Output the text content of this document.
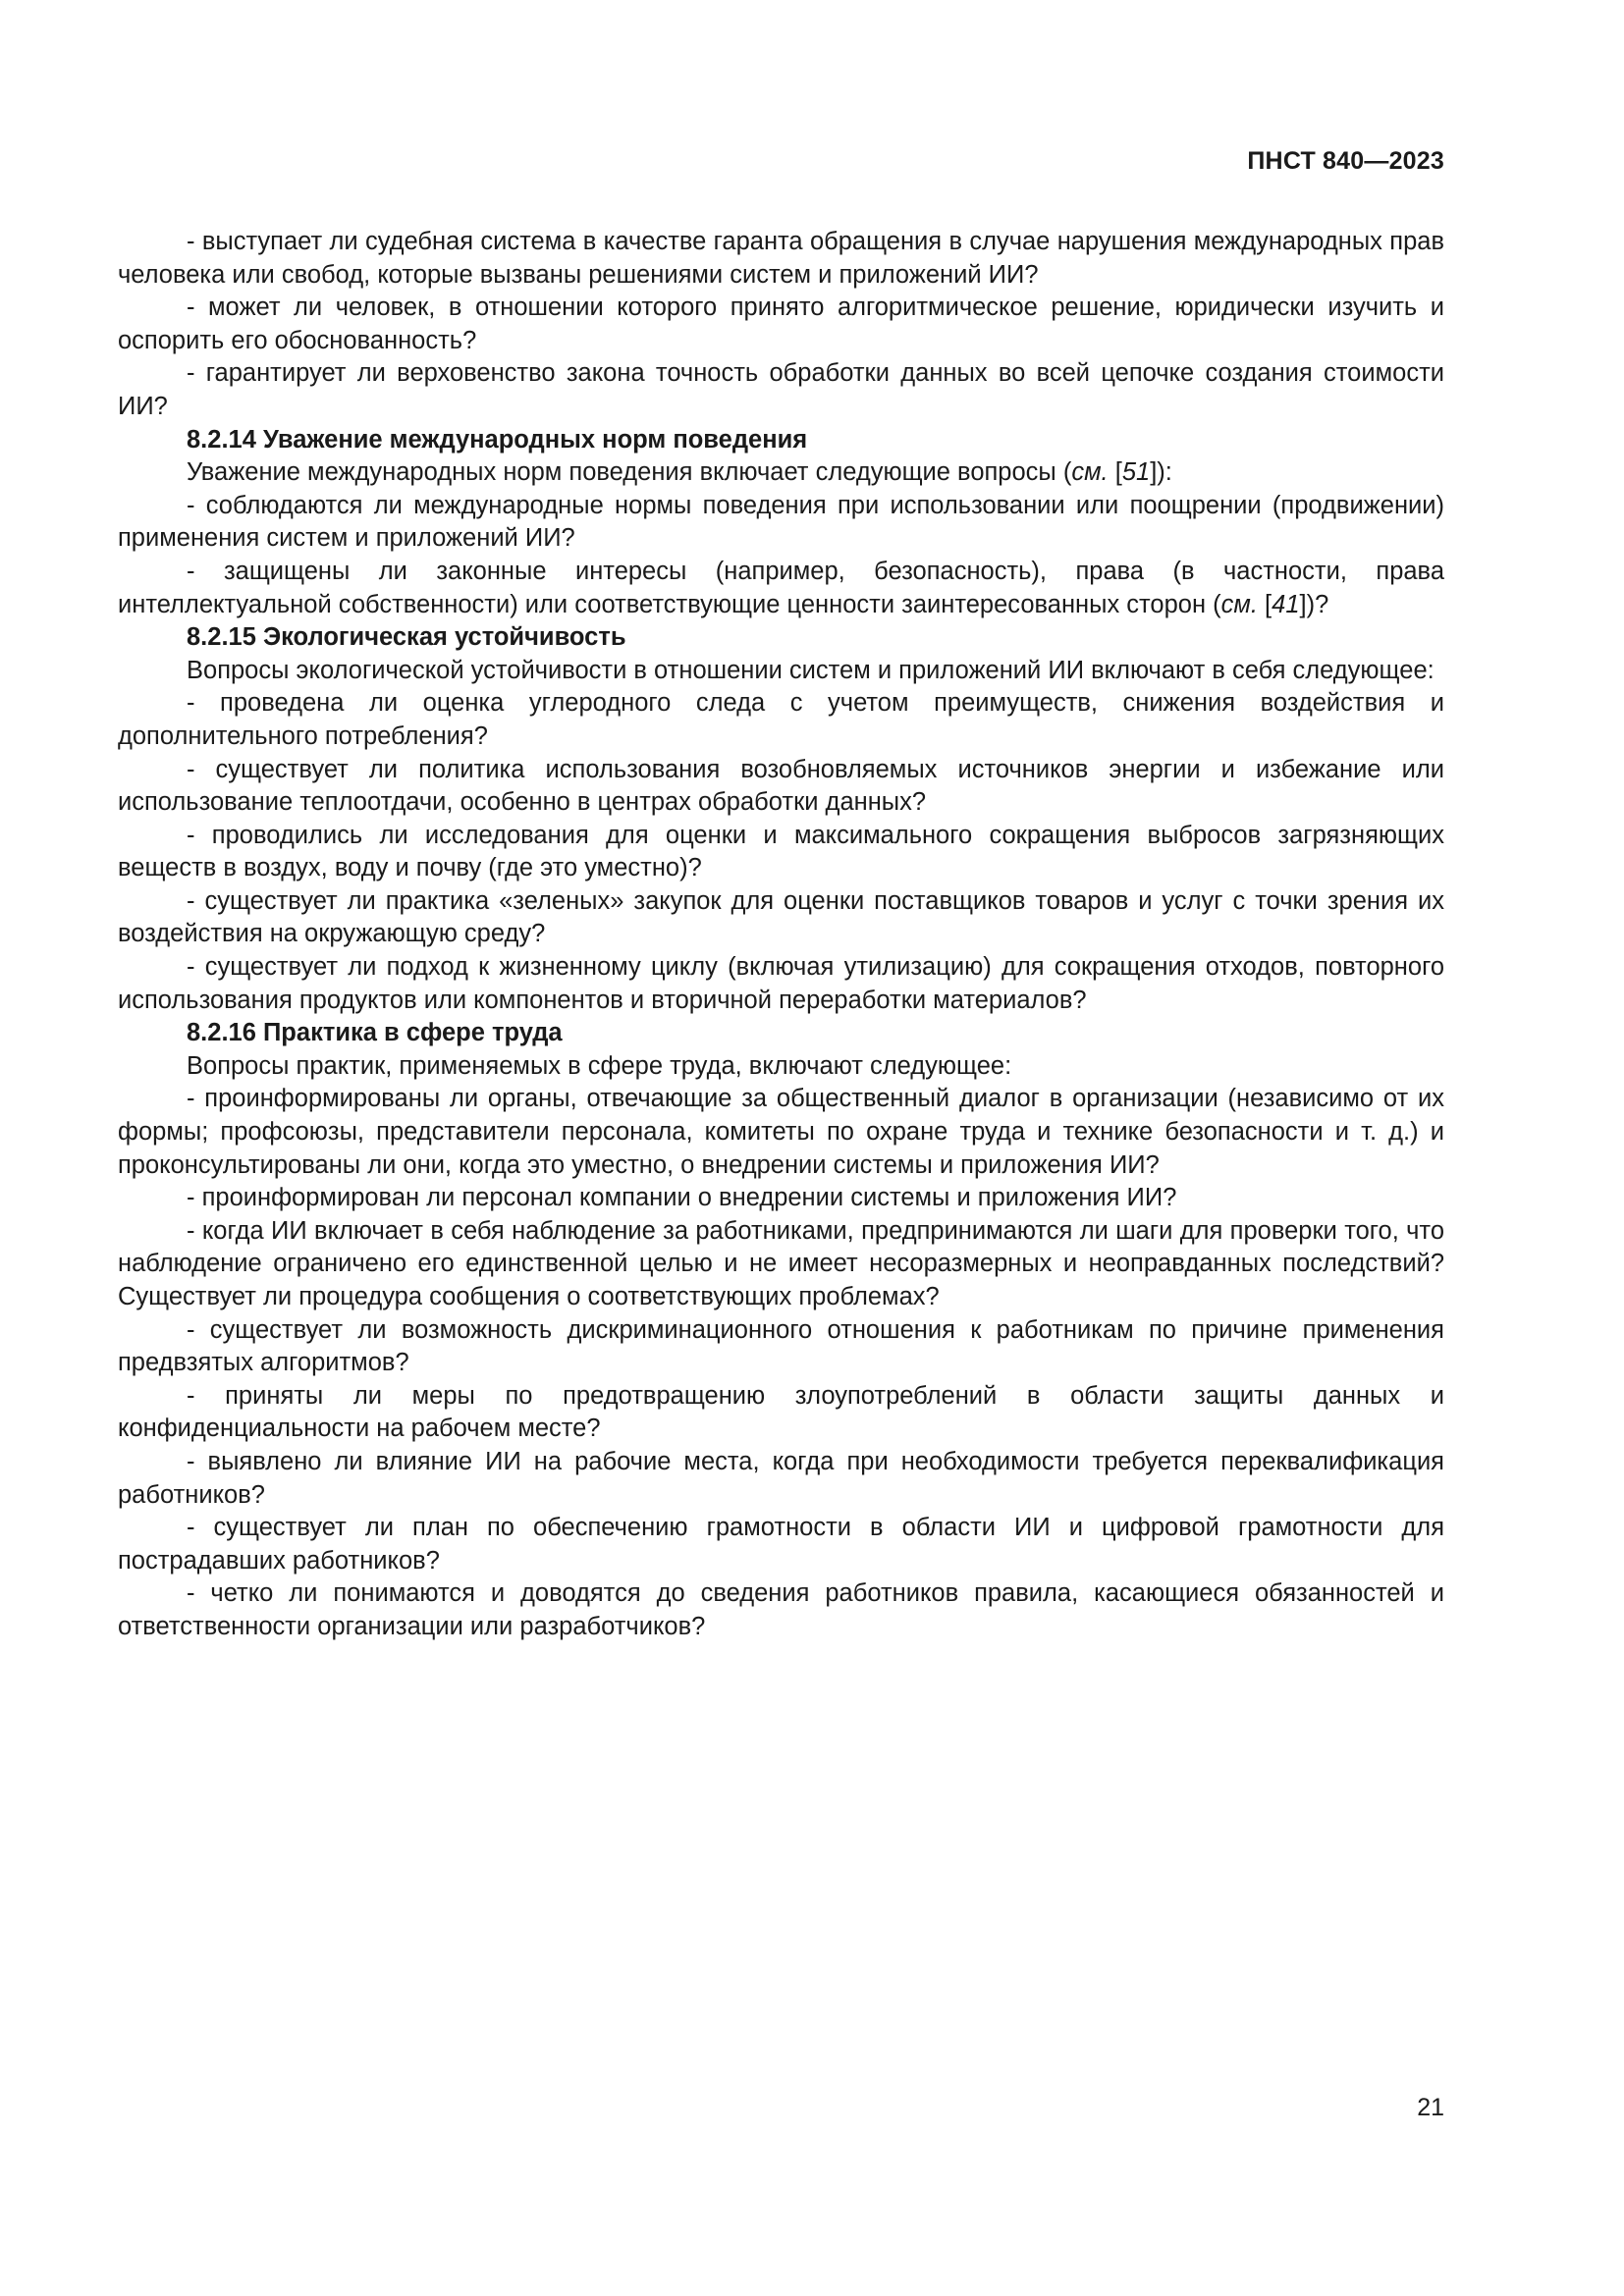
ПНСТ 840—2023

- выступает ли судебная система в качестве гаранта обращения в случае нарушения международных прав человека или свобод, которые вызваны решениями систем и приложений ИИ?

- может ли человек, в отношении которого принято алгоритмическое решение, юридически изучить и оспорить его обоснованность?

- гарантирует ли верховенство закона точность обработки данных во всей цепочке создания стоимости ИИ?

8.2.14 Уважение международных норм поведения

Уважение международных норм поведения включает следующие вопросы (см. [51]):

- соблюдаются ли международные нормы поведения при использовании или поощрении (продвижении) применения систем и приложений ИИ?

- защищены ли законные интересы (например, безопасность), права (в частности, права интеллектуальной собственности) или соответствующие ценности заинтересованных сторон (см. [41])?

8.2.15 Экологическая устойчивость

Вопросы экологической устойчивости в отношении систем и приложений ИИ включают в себя следующее:

- проведена ли оценка углеродного следа с учетом преимуществ, снижения воздействия и дополнительного потребления?

- существует ли политика использования возобновляемых источников энергии и избежание или использование теплоотдачи, особенно в центрах обработки данных?

- проводились ли исследования для оценки и максимального сокращения выбросов загрязняющих веществ в воздух, воду и почву (где это уместно)?

- существует ли практика «зеленых» закупок для оценки поставщиков товаров и услуг с точки зрения их воздействия на окружающую среду?

- существует ли подход к жизненному циклу (включая утилизацию) для сокращения отходов, повторного использования продуктов или компонентов и вторичной переработки материалов?

8.2.16 Практика в сфере труда

Вопросы практик, применяемых в сфере труда, включают следующее:

- проинформированы ли органы, отвечающие за общественный диалог в организации (независимо от их формы; профсоюзы, представители персонала, комитеты по охране труда и технике безопасности и т. д.) и проконсультированы ли они, когда это уместно, о внедрении системы и приложения ИИ?

- проинформирован ли персонал компании о внедрении системы и приложения ИИ?

- когда ИИ включает в себя наблюдение за работниками, предпринимаются ли шаги для проверки того, что наблюдение ограничено его единственной целью и не имеет несоразмерных и неоправданных последствий? Существует ли процедура сообщения о соответствующих проблемах?

- существует ли возможность дискриминационного отношения к работникам по причине применения предвзятых алгоритмов?

- приняты ли меры по предотвращению злоупотреблений в области защиты данных и конфиденциальности на рабочем месте?

- выявлено ли влияние ИИ на рабочие места, когда при необходимости требуется переквалификация работников?

- существует ли план по обеспечению грамотности в области ИИ и цифровой грамотности для пострадавших работников?

- четко ли понимаются и доводятся до сведения работников правила, касающиеся обязанностей и ответственности организации или разработчиков?

21
